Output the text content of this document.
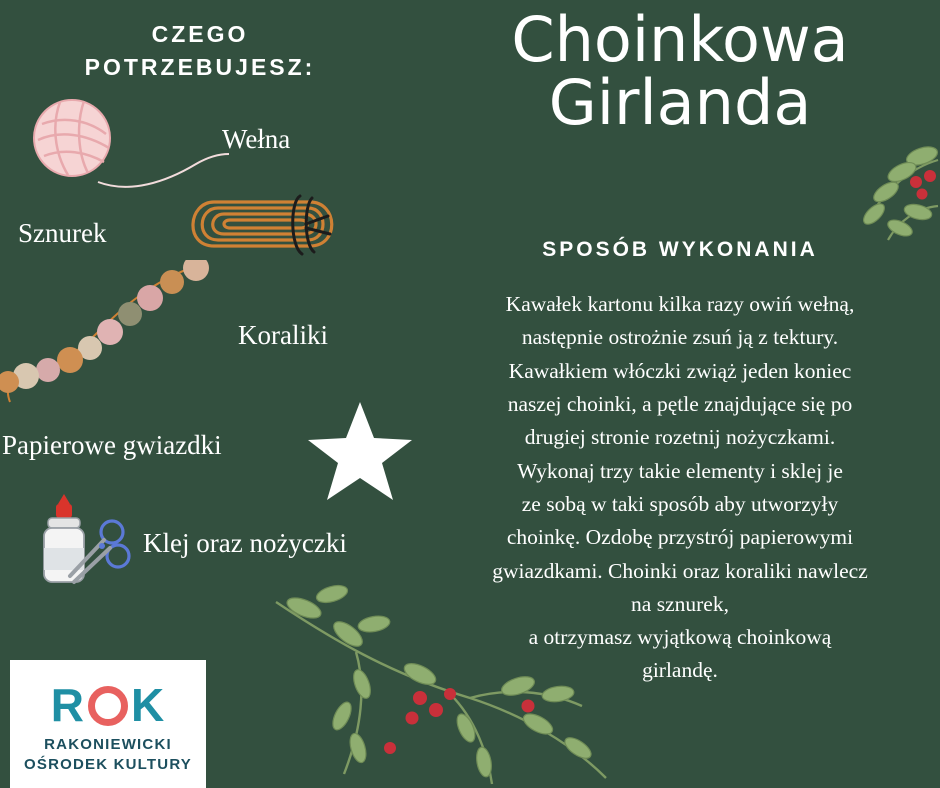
CZEGO
POTRZEBUJESZ:
Wełna
Sznurek
Koraliki
Papierowe gwiazdki
Klej oraz nożyczki
R K
RAKONIEWICKI
OŚRODEK KULTURY
Choinkowa
Girlanda
SPOSÓB WYKONANIA

Kawałek kartonu kilka razy owiń wełną,

następnie ostrożnie zsuń ją z tektury.

Kawałkiem włóczki zwiąż jeden koniec

naszej choinki, a pętle znajdujące się po

drugiej stronie rozetnij nożyczkami.

Wykonaj trzy takie elementy i sklej je

ze sobą w taki sposób aby utworzyły

choinkę. Ozdobę przystrój papierowymi

gwiazdkami. Choinki oraz koraliki nawlecz

na sznurek,

a otrzymasz wyjątkową choinkową

girlandę.
